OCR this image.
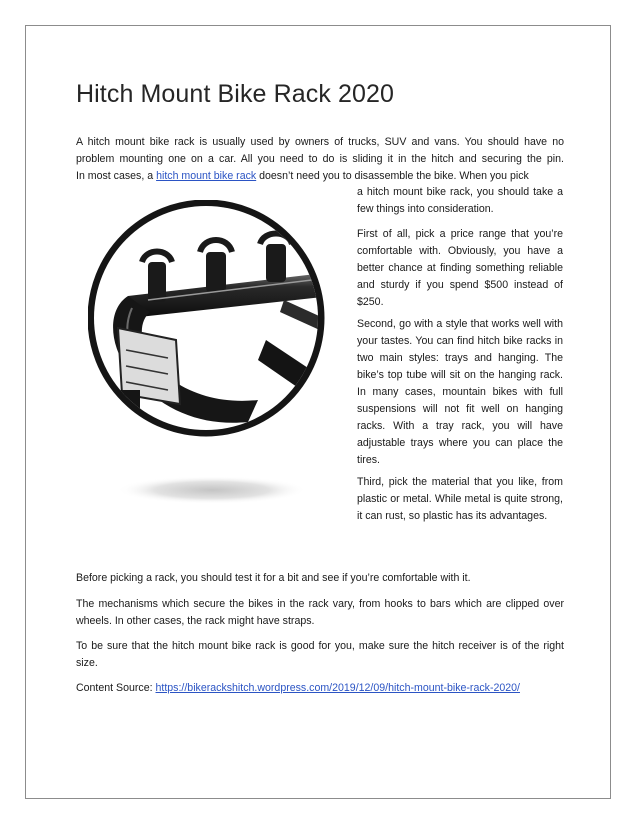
Hitch Mount Bike Rack 2020
A hitch mount bike rack is usually used by owners of trucks, SUV and vans. You should have no
problem mounting one on a car. All you need to do is sliding it in the hitch and securing the pin.
In most cases, a hitch mount bike rack doesn’t need you to disassemble the bike. When you pick

a hitch mount bike rack, you should take a few things into consideration.

First of all, pick a price range that you’re comfortable with. Obviously, you have a better chance at finding something reliable and sturdy if you spend $500 instead of $250.

Second, go with a style that works well with your tastes. You can find hitch bike racks in two main styles: trays and hanging. The bike’s top tube will sit on the hanging rack. In many cases, mountain bikes with full suspensions will not fit well on hanging racks. With a tray rack, you will have adjustable trays where you can place the tires.

Third, pick the material that you like, from plastic or metal. While metal is quite strong, it can rust, so plastic has its advantages.

Before picking a rack, you should test it for a bit and see if you’re comfortable with it.

The mechanisms which secure the bikes in the rack vary, from hooks to bars which are clipped over wheels. In other cases, the rack might have straps.

To be sure that the hitch mount bike rack is good for you, make sure the hitch receiver is of the right size.

Content Source: https://bikerackshitch.wordpress.com/2019/12/09/hitch-mount-bike-rack-2020/
